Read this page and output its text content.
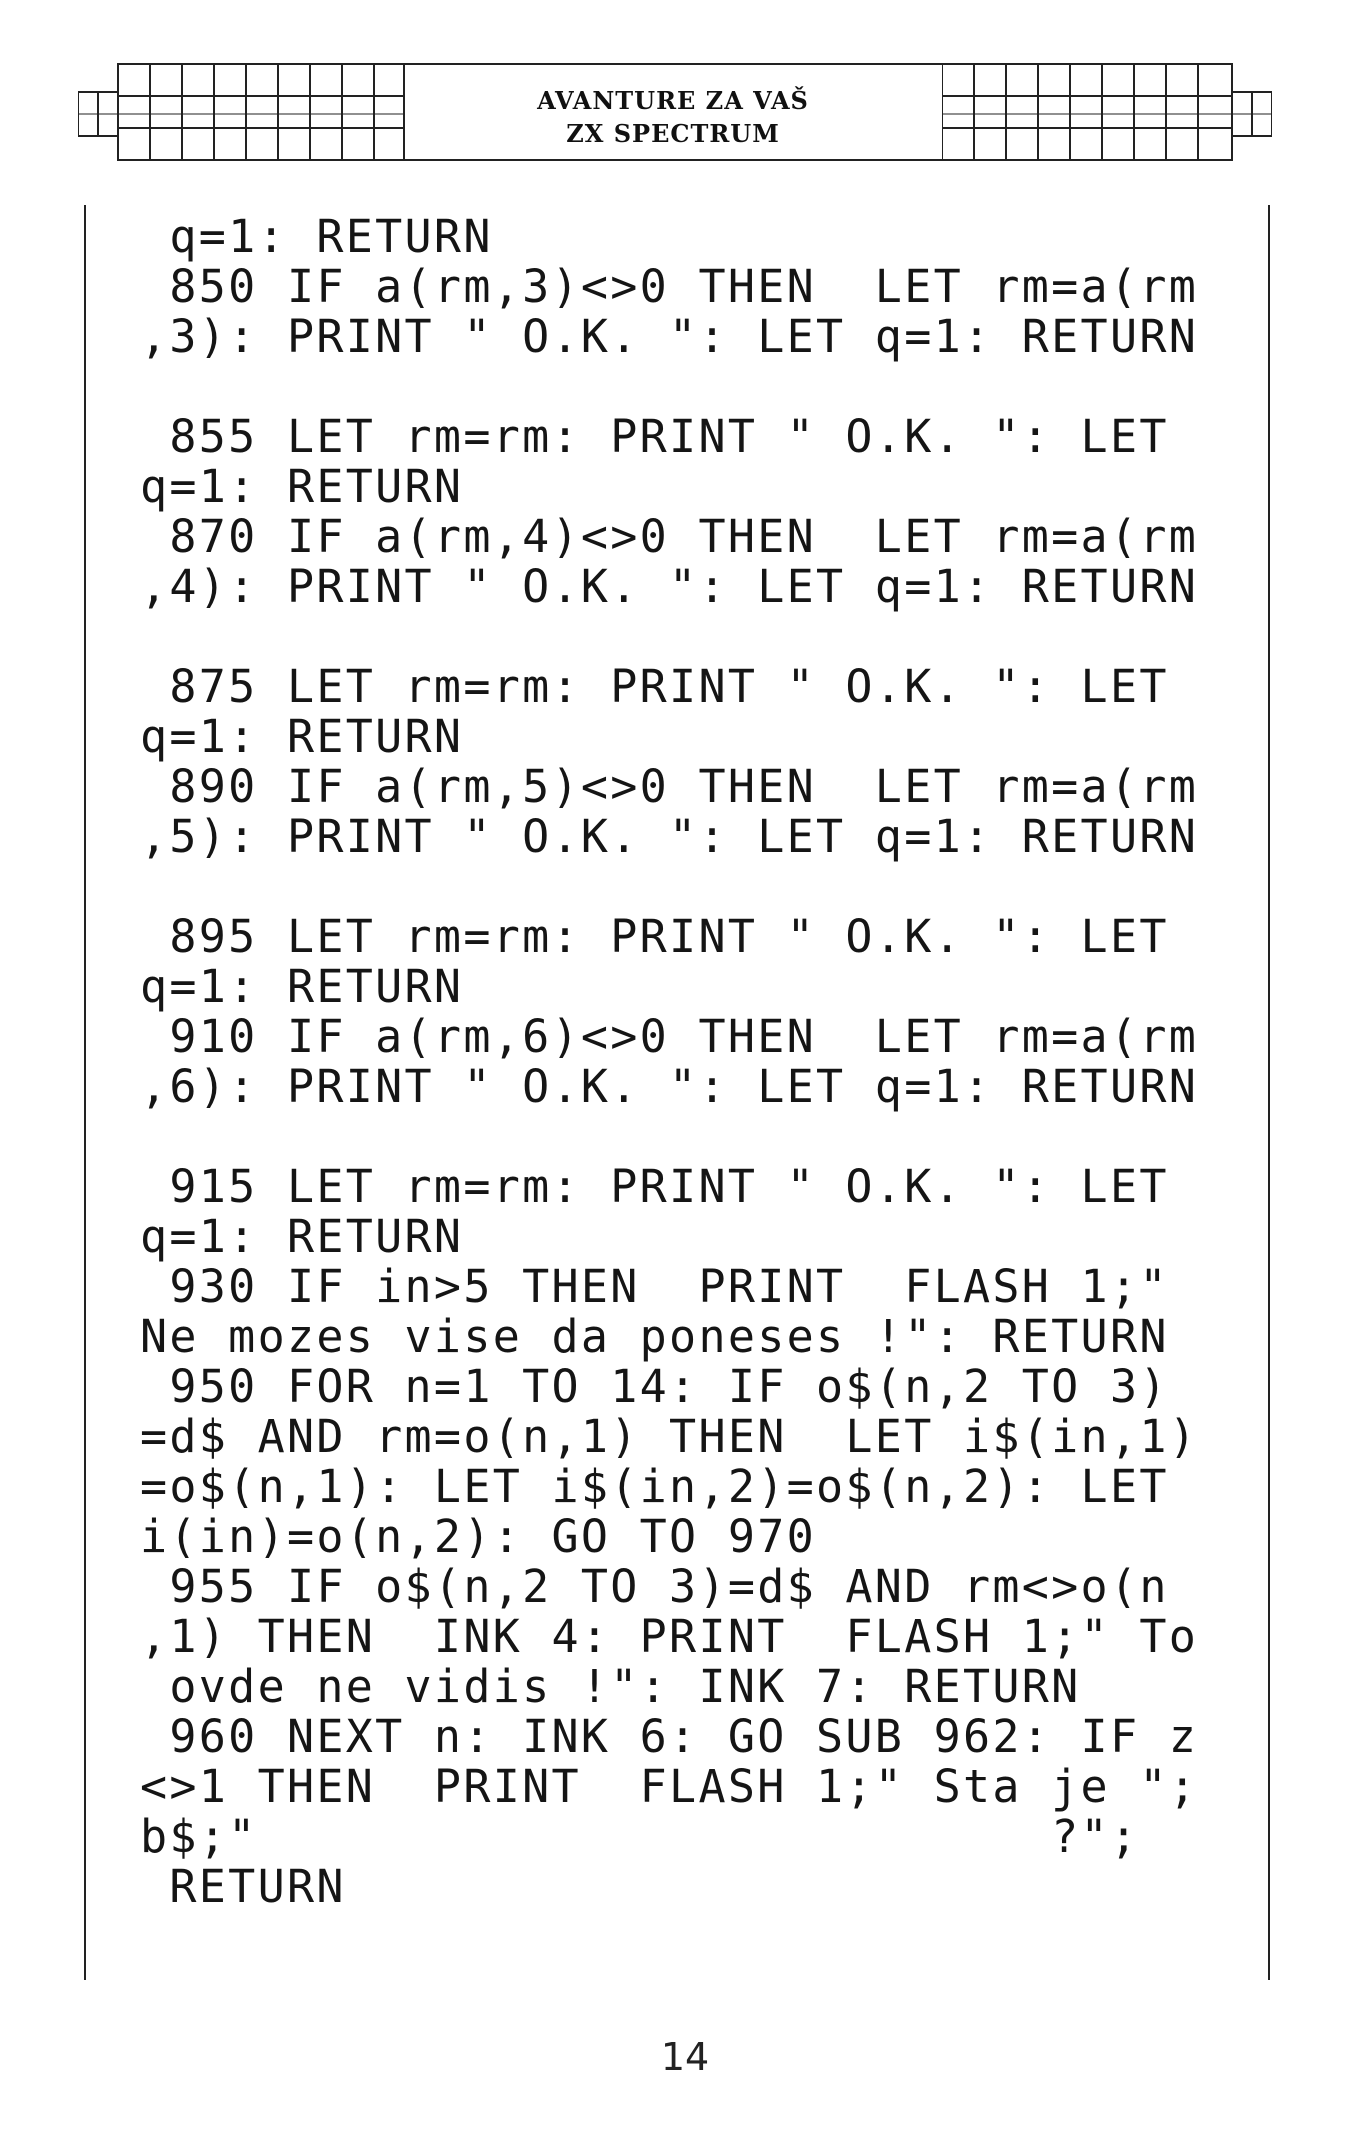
AVANTURE ZA VAŠ
ZX SPECTRUM
q=1: RETURN
850 IF a(rm,3)<>0 THEN  LET rm=a(rm
,3): PRINT " O.K. ": LET q=1: RETURN
855 LET rm=rm: PRINT " O.K. ": LET
q=1: RETURN
870 IF a(rm,4)<>0 THEN  LET rm=a(rm
,4): PRINT " O.K. ": LET q=1: RETURN
875 LET rm=rm: PRINT " O.K. ": LET
q=1: RETURN
890 IF a(rm,5)<>0 THEN  LET rm=a(rm
,5): PRINT " O.K. ": LET q=1: RETURN
895 LET rm=rm: PRINT " O.K. ": LET
q=1: RETURN
910 IF a(rm,6)<>0 THEN  LET rm=a(rm
,6): PRINT " O.K. ": LET q=1: RETURN
915 LET rm=rm: PRINT " O.K. ": LET
q=1: RETURN
930 IF in>5 THEN  PRINT  FLASH 1;"
Ne mozes vise da poneses !": RETURN
950 FOR n=1 TO 14: IF o$(n,2 TO 3)
=d$ AND rm=o(n,1) THEN  LET i$(in,1)
=o$(n,1): LET i$(in,2)=o$(n,2): LET
i(in)=o(n,2): GO TO 970
955 IF o$(n,2 TO 3)=d$ AND rm<>o(n
,1) THEN  INK 4: PRINT  FLASH 1;" To
ovde ne vidis !": INK 7: RETURN
960 NEXT n: INK 6: GO SUB 962: IF z
<>1 THEN  PRINT  FLASH 1;" Sta je ";
b$;"                           ?";
RETURN
14
